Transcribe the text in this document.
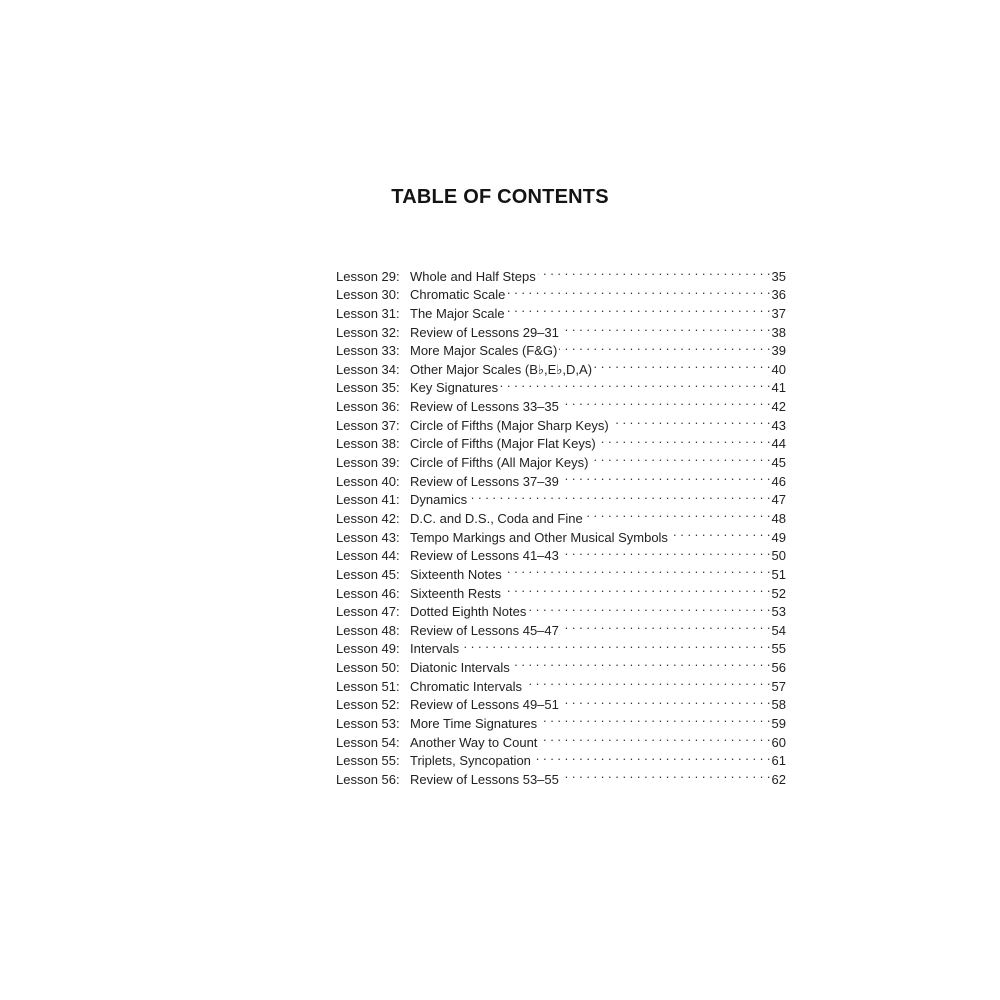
TABLE OF CONTENTS
Lesson 29: Whole and Half Steps . . .	35
Lesson 30: Chromatic Scale . . .	36
Lesson 31: The Major Scale . . .	37
Lesson 32: Review of Lessons 29–31 . . .	38
Lesson 33: More Major Scales (F&G) . . .	39
Lesson 34: Other Major Scales (B♭,E♭,D,A) . . .	40
Lesson 35: Key Signatures . . .	41
Lesson 36: Review of Lessons 33–35 . . .	42
Lesson 37: Circle of Fifths (Major Sharp Keys) . . .	43
Lesson 38: Circle of Fifths (Major Flat Keys) . . .	44
Lesson 39: Circle of Fifths (All Major Keys) . . .	45
Lesson 40: Review of Lessons 37–39 . . .	46
Lesson 41: Dynamics . . .	47
Lesson 42: D.C. and D.S., Coda and Fine . . .	48
Lesson 43: Tempo Markings and Other Musical Symbols . . .	49
Lesson 44: Review of Lessons 41–43 . . .	50
Lesson 45: Sixteenth Notes . . .	51
Lesson 46: Sixteenth Rests . . .	52
Lesson 47: Dotted Eighth Notes . . .	53
Lesson 48: Review of Lessons 45–47 . . .	54
Lesson 49: Intervals . . .	55
Lesson 50: Diatonic Intervals . . .	56
Lesson 51: Chromatic Intervals . . .	57
Lesson 52: Review of Lessons 49–51 . . .	58
Lesson 53: More Time Signatures . . .	59
Lesson 54: Another Way to Count . . .	60
Lesson 55: Triplets, Syncopation . . .	61
Lesson 56: Review of Lessons 53–55 . . .	62
